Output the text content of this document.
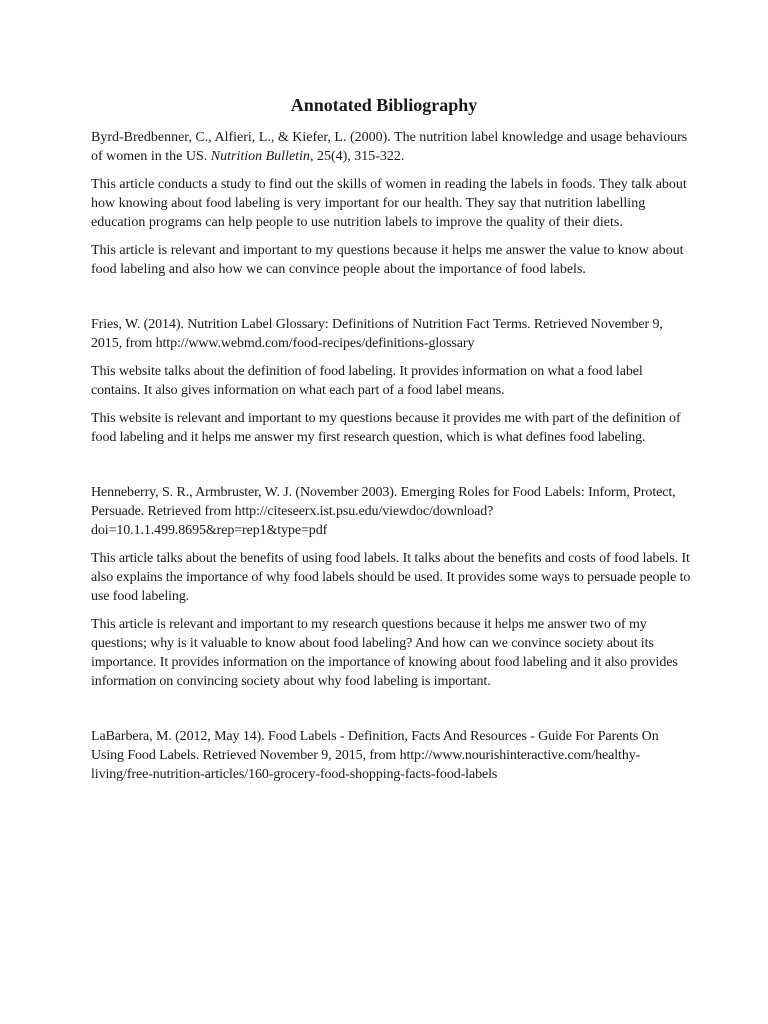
Annotated Bibliography

Byrd-Bredbenner, C., Alfieri, L., & Kiefer, L. (2000). The nutrition label knowledge and usage behaviours of women in the US. Nutrition Bulletin, 25(4), 315-322.

This article conducts a study to find out the skills of women in reading the labels in foods. They talk about how knowing about food labeling is very important for our health. They say that nutrition labelling education programs can help people to use nutrition labels to improve the quality of their diets.

This article is relevant and important to my questions because it helps me answer the value to know about food labeling and also how we can convince people about the importance of food labels.

Fries, W. (2014). Nutrition Label Glossary: Definitions of Nutrition Fact Terms. Retrieved November 9, 2015, from http://www.webmd.com/food-recipes/definitions-glossary

This website talks about the definition of food labeling. It provides information on what a food label contains. It also gives information on what each part of a food label means.

This website is relevant and important to my questions because it provides me with part of the definition of food labeling and it helps me answer my first research question, which is what defines food labeling.

Henneberry, S. R., Armbruster, W. J. (November 2003). Emerging Roles for Food Labels: Inform, Protect, Persuade. Retrieved from http://citeseerx.ist.psu.edu/viewdoc/download?doi=10.1.1.499.8695&rep=rep1&type=pdf

This article talks about the benefits of using food labels. It talks about the benefits and costs of food labels. It also explains the importance of why food labels should be used. It provides some ways to persuade people to use food labeling.

This article is relevant and important to my research questions because it helps me answer two of my questions; why is it valuable to know about food labeling? And how can we convince society about its importance. It provides information on the importance of knowing about food labeling and it also provides information on convincing society about why food labeling is important.

LaBarbera, M. (2012, May 14). Food Labels - Definition, Facts And Resources - Guide For Parents On Using Food Labels. Retrieved November 9, 2015, from http://www.nourishinteractive.com/healthy-living/free-nutrition-articles/160-grocery-food-shopping-facts-food-labels
